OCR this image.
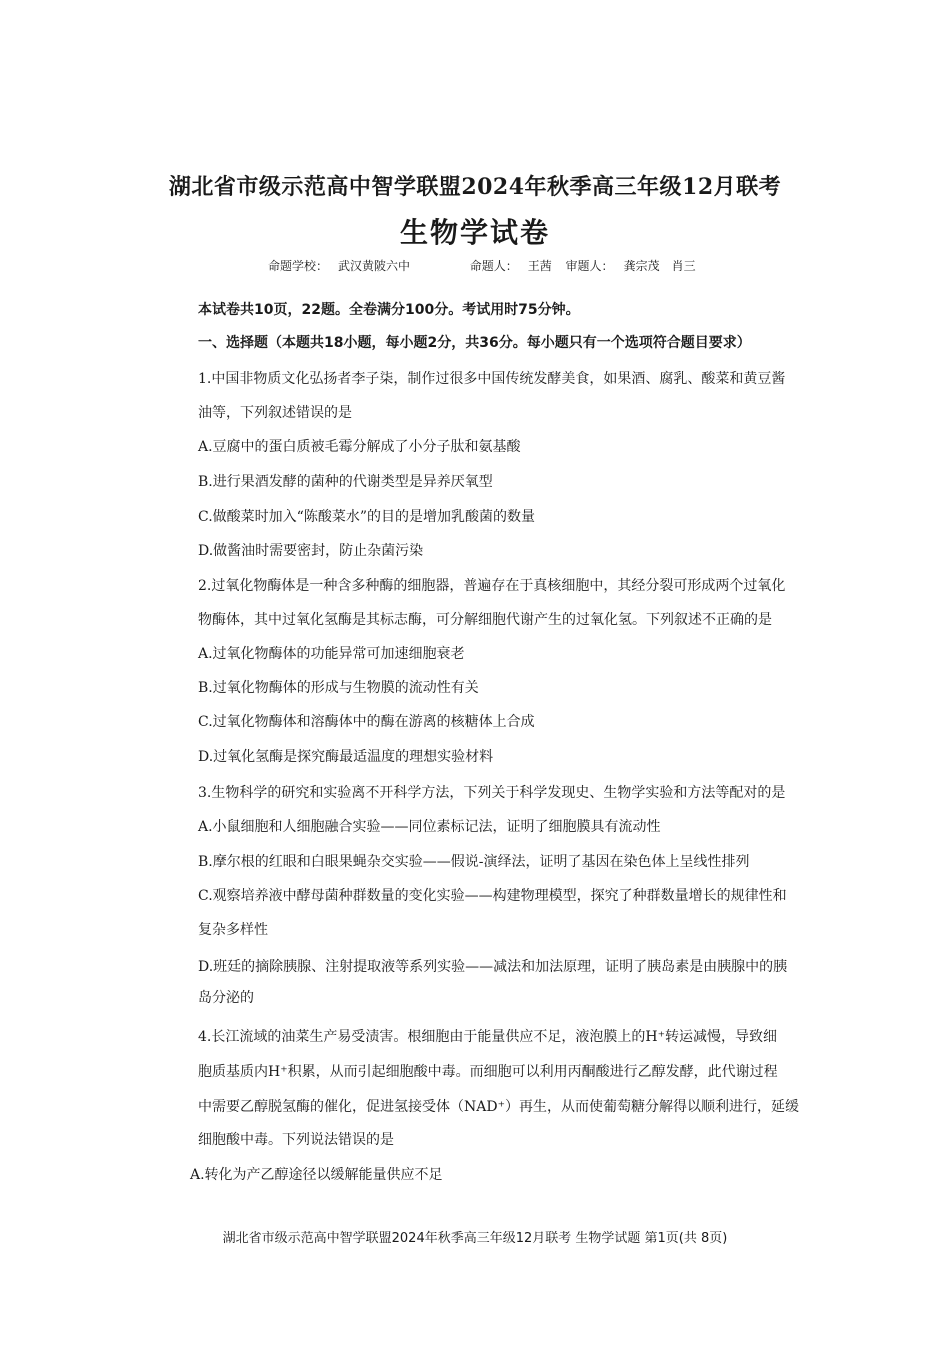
湖北省市级示范高中智学联盟2024年秋季高三年级12月联考
生物学试卷
命题学校： 武汉黄陂六中	命题人： 王茜 审题人： 龚宗茂　肖三
本试卷共10页，22题。全卷满分100分。考试用时75分钟。
一、选择题（本题共18小题，每小题2分，共36分。每小题只有一个选项符合题目要求）
1.中国非物质文化弘扬者李子柒，制作过很多中国传统发酵美食，如果酒、腐乳、酸菜和黄豆酱
油等，下列叙述错误的是
A.豆腐中的蛋白质被毛霉分解成了小分子肽和氨基酸
B.进行果酒发酵的菌种的代谢类型是异养厌氧型
C.做酸菜时加入“陈酸菜水”的目的是增加乳酸菌的数量
D.做酱油时需要密封，防止杂菌污染
2.过氧化物酶体是一种含多种酶的细胞器，普遍存在于真核细胞中，其经分裂可形成两个过氧化
物酶体，其中过氧化氢酶是其标志酶，可分解细胞代谢产生的过氧化氢。下列叙述不正确的是
A.过氧化物酶体的功能异常可加速细胞衰老
B.过氧化物酶体的形成与生物膜的流动性有关
C.过氧化物酶体和溶酶体中的酶在游离的核糖体上合成
D.过氧化氢酶是探究酶最适温度的理想实验材料
3.生物科学的研究和实验离不开科学方法，下列关于科学发现史、生物学实验和方法等配对的是
A.小鼠细胞和人细胞融合实验——同位素标记法，证明了细胞膜具有流动性
B.摩尔根的红眼和白眼果蝇杂交实验——假说-演绎法，证明了基因在染色体上呈线性排列
C.观察培养液中酵母菌种群数量的变化实验——构建物理模型，探究了种群数量增长的规律性和
复杂多样性
D.班廷的摘除胰腺、注射提取液等系列实验——减法和加法原理，证明了胰岛素是由胰腺中的胰
岛分泌的
4.长江流域的油菜生产易受渍害。根细胞由于能量供应不足，液泡膜上的H⁺转运减慢，导致细
胞质基质内H⁺积累，从而引起细胞酸中毒。而细胞可以利用丙酮酸进行乙醇发酵，此代谢过程
中需要乙醇脱氢酶的催化，促进氢接受体（NAD⁺）再生，从而使葡萄糖分解得以顺利进行，延缓
细胞酸中毒。下列说法错误的是
A.转化为产乙醇途径以缓解能量供应不足
湖北省市级示范高中智学联盟2024年秋季高三年级12月联考 生物学试题 第1页(共 8页)
